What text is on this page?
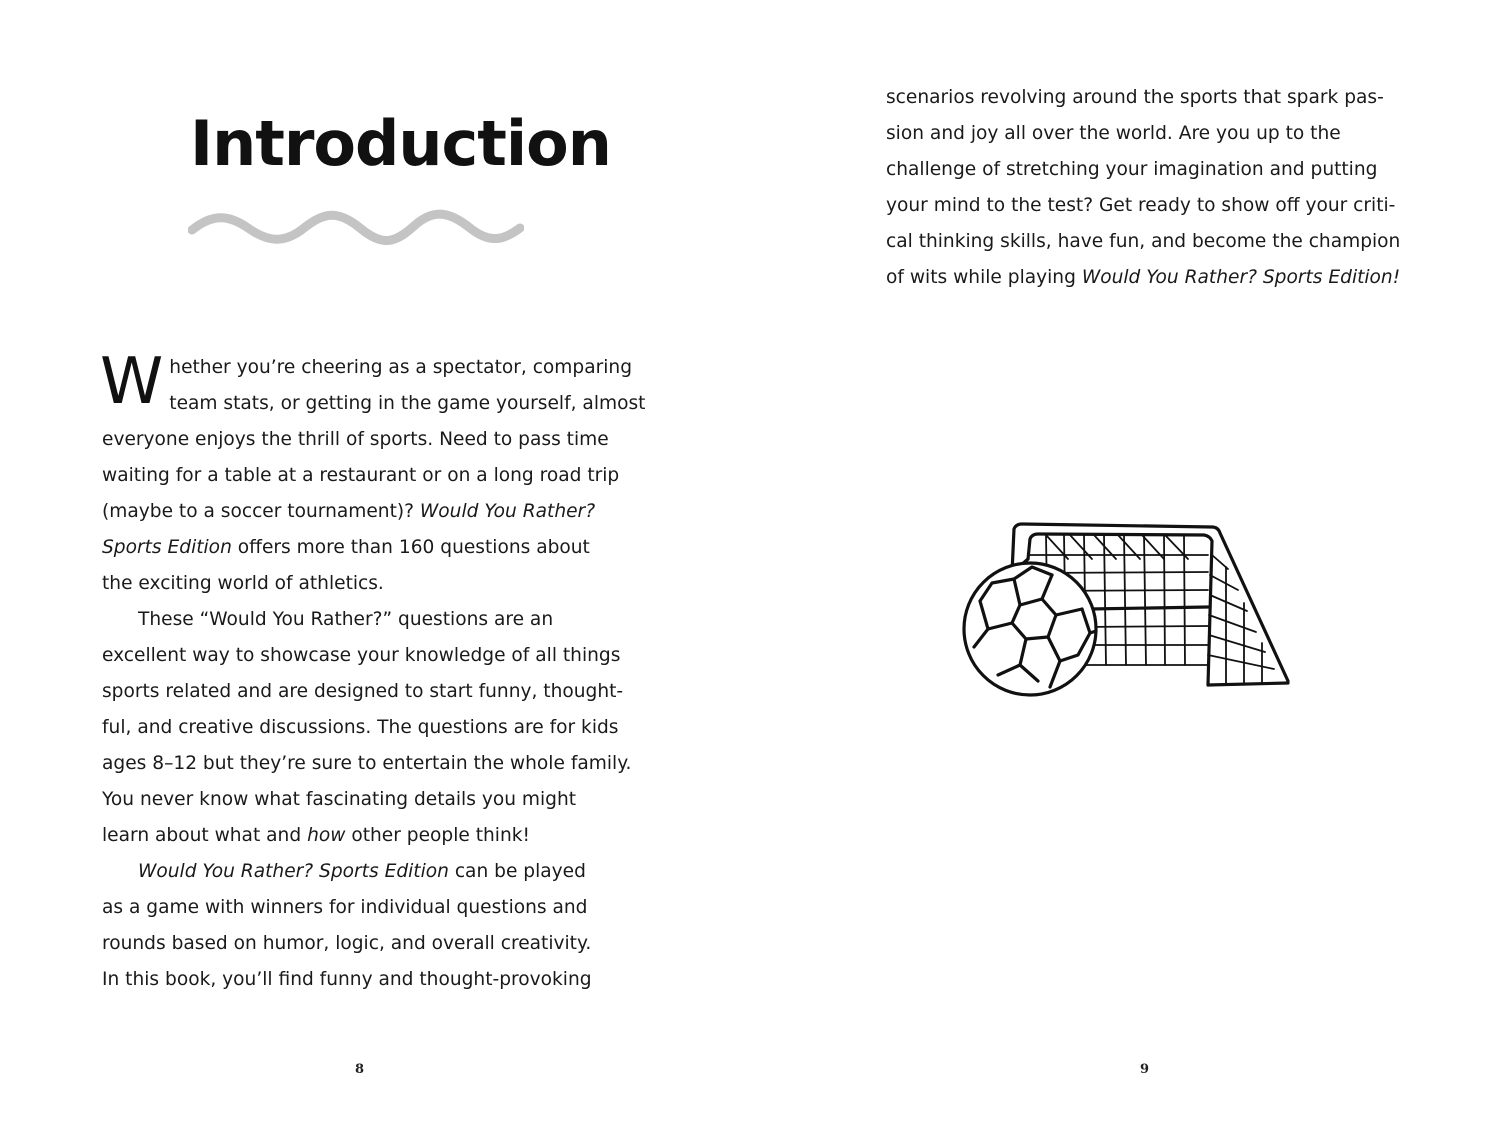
Introduction

W hether you’re cheering as a spectator, comparing
team stats, or getting in the game yourself, almost
everyone enjoys the thrill of sports. Need to pass time
waiting for a table at a restaurant or on a long road trip
(maybe to a soccer tournament)? Would You Rather?
Sports Edition offers more than 160 questions about
the exciting world of athletics.

These “Would You Rather?” questions are an
excellent way to showcase your knowledge of all things
sports related and are designed to start funny, thought-
ful, and creative discussions. The questions are for kids
ages 8–12 but they’re sure to entertain the whole family.
You never know what fascinating details you might
learn about what and how other people think!

Would You Rather? Sports Edition can be played
as a game with winners for individual questions and
rounds based on humor, logic, and overall creativity.
In this book, you’ll find funny and thought-provoking

8

scenarios revolving around the sports that spark pas-
sion and joy all over the world. Are you up to the
challenge of stretching your imagination and putting
your mind to the test? Get ready to show off your criti-
cal thinking skills, have fun, and become the champion
of wits while playing Would You Rather? Sports Edition!

9
